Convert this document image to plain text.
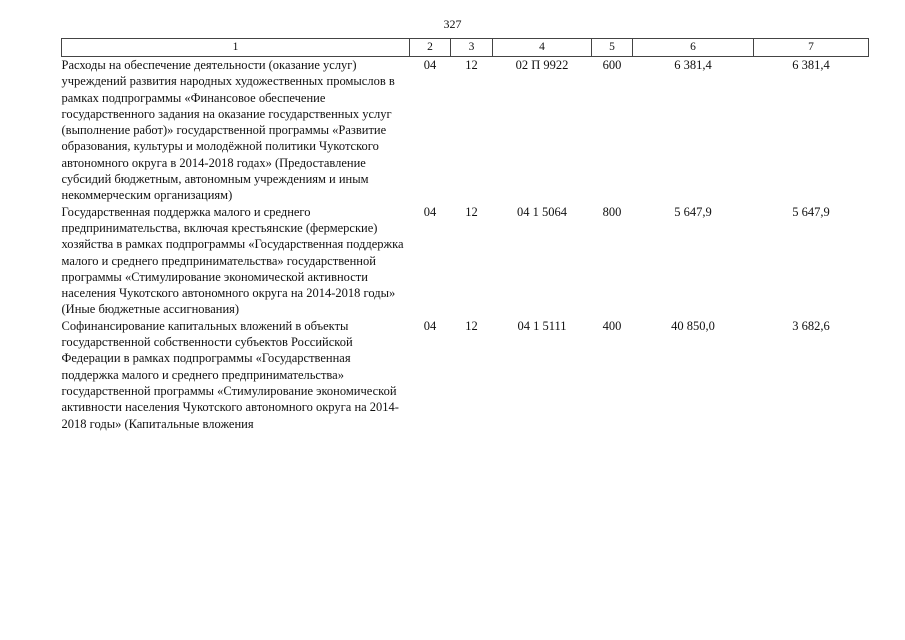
327
1	2	3	4	5	6	7
Расходы на обеспечение деятельности (оказание услуг) учреждений развития народных художественных промыслов в рамках подпрограммы «Финансовое обеспечение государственного задания на оказание государственных услуг (выполнение работ)» государственной программы «Развитие образования, культуры и молодёжной политики Чукотского автономного округа в 2014-2018 годах» (Предоставление субсидий бюджетным, автономным учреждениям и иным некоммерческим организациям)	04	12	02 П 9922	600	6 381,4	6 381,4
Государственная поддержка малого и среднего предпринимательства, включая крестьянские (фермерские) хозяйства в рамках подпрограммы «Государственная поддержка малого и среднего предпринимательства» государственной программы «Стимулирование экономической активности населения Чукотского автономного округа на 2014-2018 годы» (Иные бюджетные ассигнования)	04	12	04 1 5064	800	5 647,9	5 647,9
Софинансирование капитальных вложений в объекты государственной собственности субъектов Российской Федерации в рамках подпрограммы «Государственная поддержка малого и среднего предпринимательства» государственной программы «Стимулирование экономической активности населения Чукотского автономного округа на 2014-2018 годы» (Капитальные вложения	04	12	04 1 5111	400	40 850,0	3 682,6
